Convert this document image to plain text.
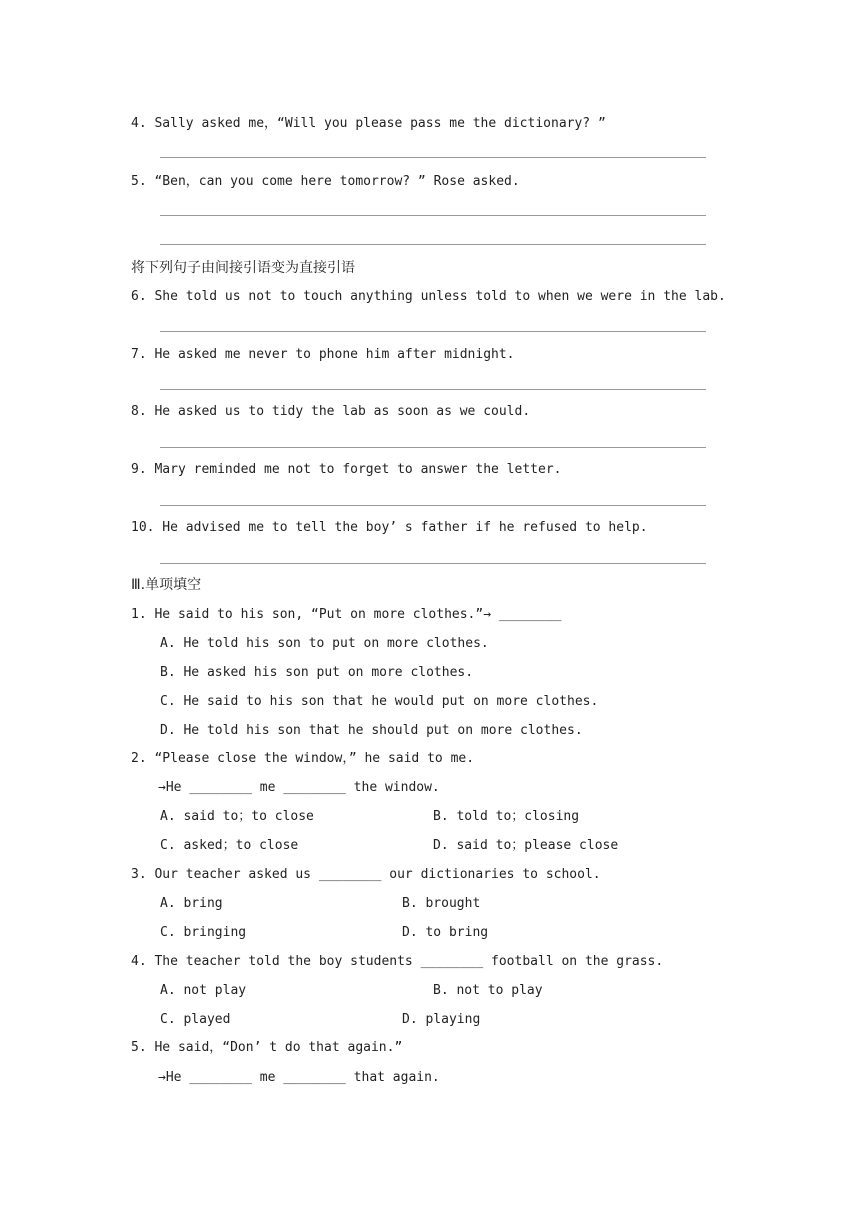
4. Sally asked me，“Will you please pass me the dictionary? ”
5. “Ben，can you come here tomorrow? ” Rose asked.
将下列句子由间接引语变为直接引语
6. She told us not to touch anything unless told to when we were in the lab.
7. He asked me never to phone him after midnight.
8. He asked us to tidy the lab as soon as we could.
9. Mary reminded me not to forget to answer the letter.
10. He advised me to tell the boy’ s father if he refused to help.
Ⅲ.单项填空
1. He said to his son, “Put on more clothes.”→ ________
A. He told his son to put on more clothes.
B. He asked his son put on more clothes.
C. He said to his son that he would put on more clothes.
D. He told his son that he should put on more clothes.
2. “Please close the window，” he said to me.
→He ________ me ________ the window.
A. said to；to close	B. told to；closing
C. asked；to close	D. said to；please close
3. Our teacher asked us ________ our dictionaries to school.
A. bring	B. brought
C. bringing	D. to bring
4. The teacher told the boy students ________ football on the grass.
A. not play	B. not to play
C. played	D. playing
5. He said，“Don’ t do that again.”
→He ________ me ________ that again.
